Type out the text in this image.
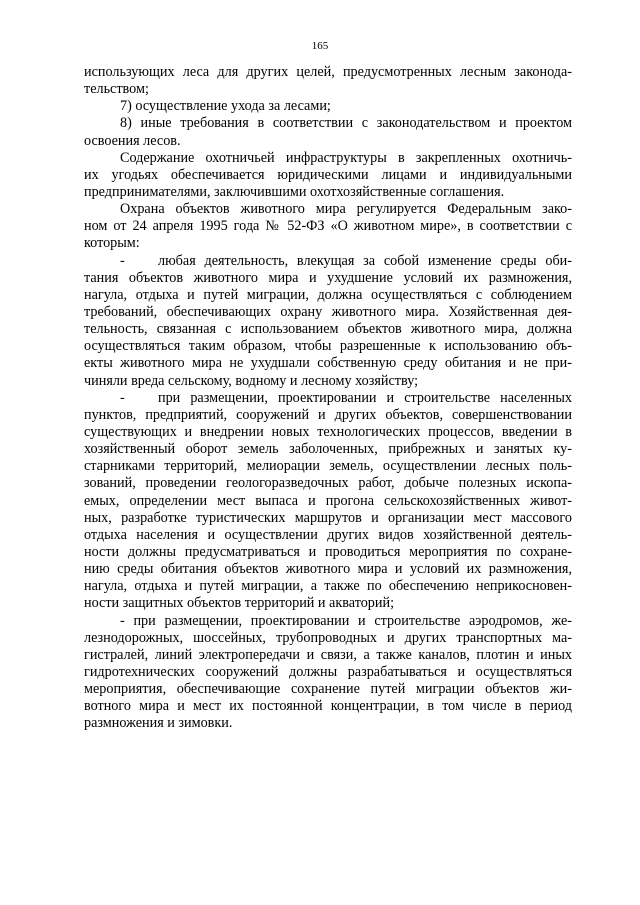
165
использующих леса для других целей, предусмотренных лесным законода-
тельством;
7) осуществление ухода за лесами;
8) иные требования в соответствии с законодательством и проектом
освоения лесов.
Содержание охотничьей инфраструктуры в закрепленных охотничь-
их угодьях обеспечивается юридическими лицами и индивидуальными
предпринимателями, заключившими охотхозяйственные соглашения.
Охрана объектов животного мира регулируется Федеральным зако-
ном от 24 апреля 1995 года № 52-ФЗ «О животном мире», в соответствии с
которым:
- любая деятельность, влекущая за собой изменение среды оби-
тания объектов животного мира и ухудшение условий их размножения,
нагула, отдыха и путей миграции, должна осуществляться с соблюдением
требований, обеспечивающих охрану животного мира. Хозяйственная дея-
тельность, связанная с использованием объектов животного мира, должна
осуществляться таким образом, чтобы разрешенные к использованию объ-
екты животного мира не ухудшали собственную среду обитания и не при-
чиняли вреда сельскому, водному и лесному хозяйству;
- при размещении, проектировании и строительстве населенных
пунктов, предприятий, сооружений и других объектов, совершенствовании
существующих и внедрении новых технологических процессов, введении в
хозяйственный оборот земель заболоченных, прибрежных и занятых ку-
старниками территорий, мелиорации земель, осуществлении лесных поль-
зований, проведении геологоразведочных работ, добыче полезных ископа-
емых, определении мест выпаса и прогона сельскохозяйственных живот-
ных, разработке туристических маршрутов и организации мест массового
отдыха населения и осуществлении других видов хозяйственной деятель-
ности должны предусматриваться и проводиться мероприятия по сохране-
нию среды обитания объектов животного мира и условий их размножения,
нагула, отдыха и путей миграции, а также по обеспечению неприкосновен-
ности защитных объектов территорий и акваторий;
- при размещении, проектировании и строительстве аэродромов, же-
лезнодорожных, шоссейных, трубопроводных и других транспортных ма-
гистралей, линий электропередачи и связи, а также каналов, плотин и иных
гидротехнических сооружений должны разрабатываться и осуществляться
мероприятия, обеспечивающие сохранение путей миграции объектов жи-
вотного мира и мест их постоянной концентрации, в том числе в период
размножения и зимовки.
